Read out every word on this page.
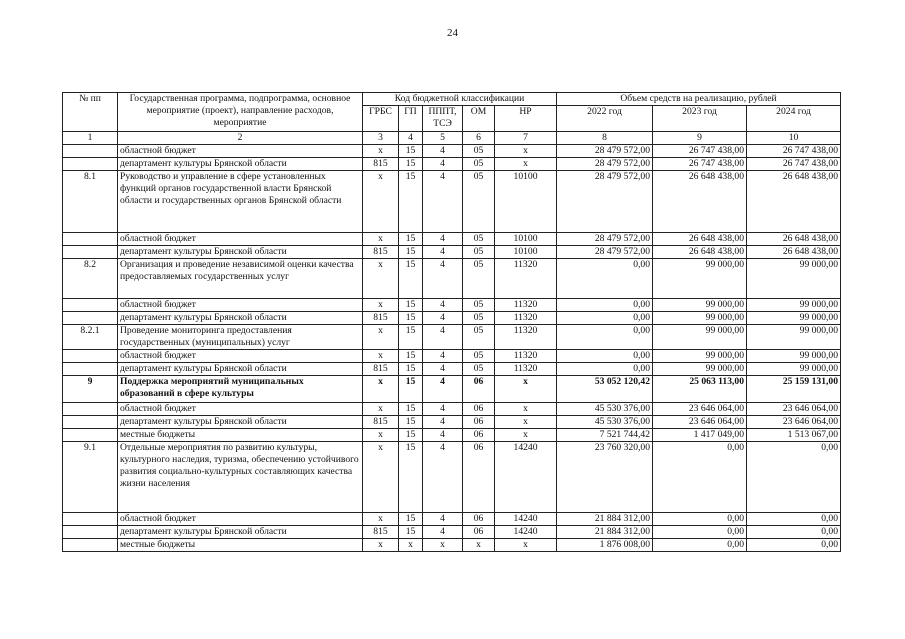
24
№ пп	Государственная программа, подпрограмма, основное мероприятие (проект), направление расходов, мероприятие	Код бюджетной классификации					Объем средств на реализацию, рублей		
		ГРБС	ГП	ПППТ, ТСЭ	ОМ	НР	2022 год	2023 год	2024 год
1	2	3	4	5	6	7	8	9	10
	областной бюджет	х	15	4	05	х	28 479 572,00	26 747 438,00	26 747 438,00
	департамент культуры Брянской области	815	15	4	05	х	28 479 572,00	26 747 438,00	26 747 438,00
8.1	Руководство и управление в сфере установленных функций органов государственной власти Брянской области и государственных органов Брянской области	х	15	4	05	10100	28 479 572,00	26 648 438,00	26 648 438,00
	областной бюджет	х	15	4	05	10100	28 479 572,00	26 648 438,00	26 648 438,00
	департамент культуры Брянской области	815	15	4	05	10100	28 479 572,00	26 648 438,00	26 648 438,00
8.2	Организация и проведение независимой оценки качества предоставляемых государственных услуг	х	15	4	05	11320	0,00	99 000,00	99 000,00
	областной бюджет	х	15	4	05	11320	0,00	99 000,00	99 000,00
	департамент культуры Брянской области	815	15	4	05	11320	0,00	99 000,00	99 000,00
8.2.1	Проведение мониторинга предоставления государственных (муниципальных) услуг	х	15	4	05	11320	0,00	99 000,00	99 000,00
	областной бюджет	х	15	4	05	11320	0,00	99 000,00	99 000,00
	департамент культуры Брянской области	815	15	4	05	11320	0,00	99 000,00	99 000,00
9	Поддержка мероприятий муниципальных образований в сфере культуры	х	15	4	06	х	53 052 120,42	25 063 113,00	25 159 131,00
	областной бюджет	х	15	4	06	х	45 530 376,00	23 646 064,00	23 646 064,00
	департамент культуры Брянской области	815	15	4	06	х	45 530 376,00	23 646 064,00	23 646 064,00
	местные бюджеты	х	15	4	06	х	7 521 744,42	1 417 049,00	1 513 067,00
9.1	Отдельные мероприятия по развитию культуры, культурного наследия, туризма, обеспечению устойчивого развития социально-культурных составляющих качества жизни населения	х	15	4	06	14240	23 760 320,00	0,00	0,00
	областной бюджет	х	15	4	06	14240	21 884 312,00	0,00	0,00
	департамент культуры Брянской области	815	15	4	06	14240	21 884 312,00	0,00	0,00
	местные бюджеты	х	х	х	х	х	1 876 008,00	0,00	0,00
